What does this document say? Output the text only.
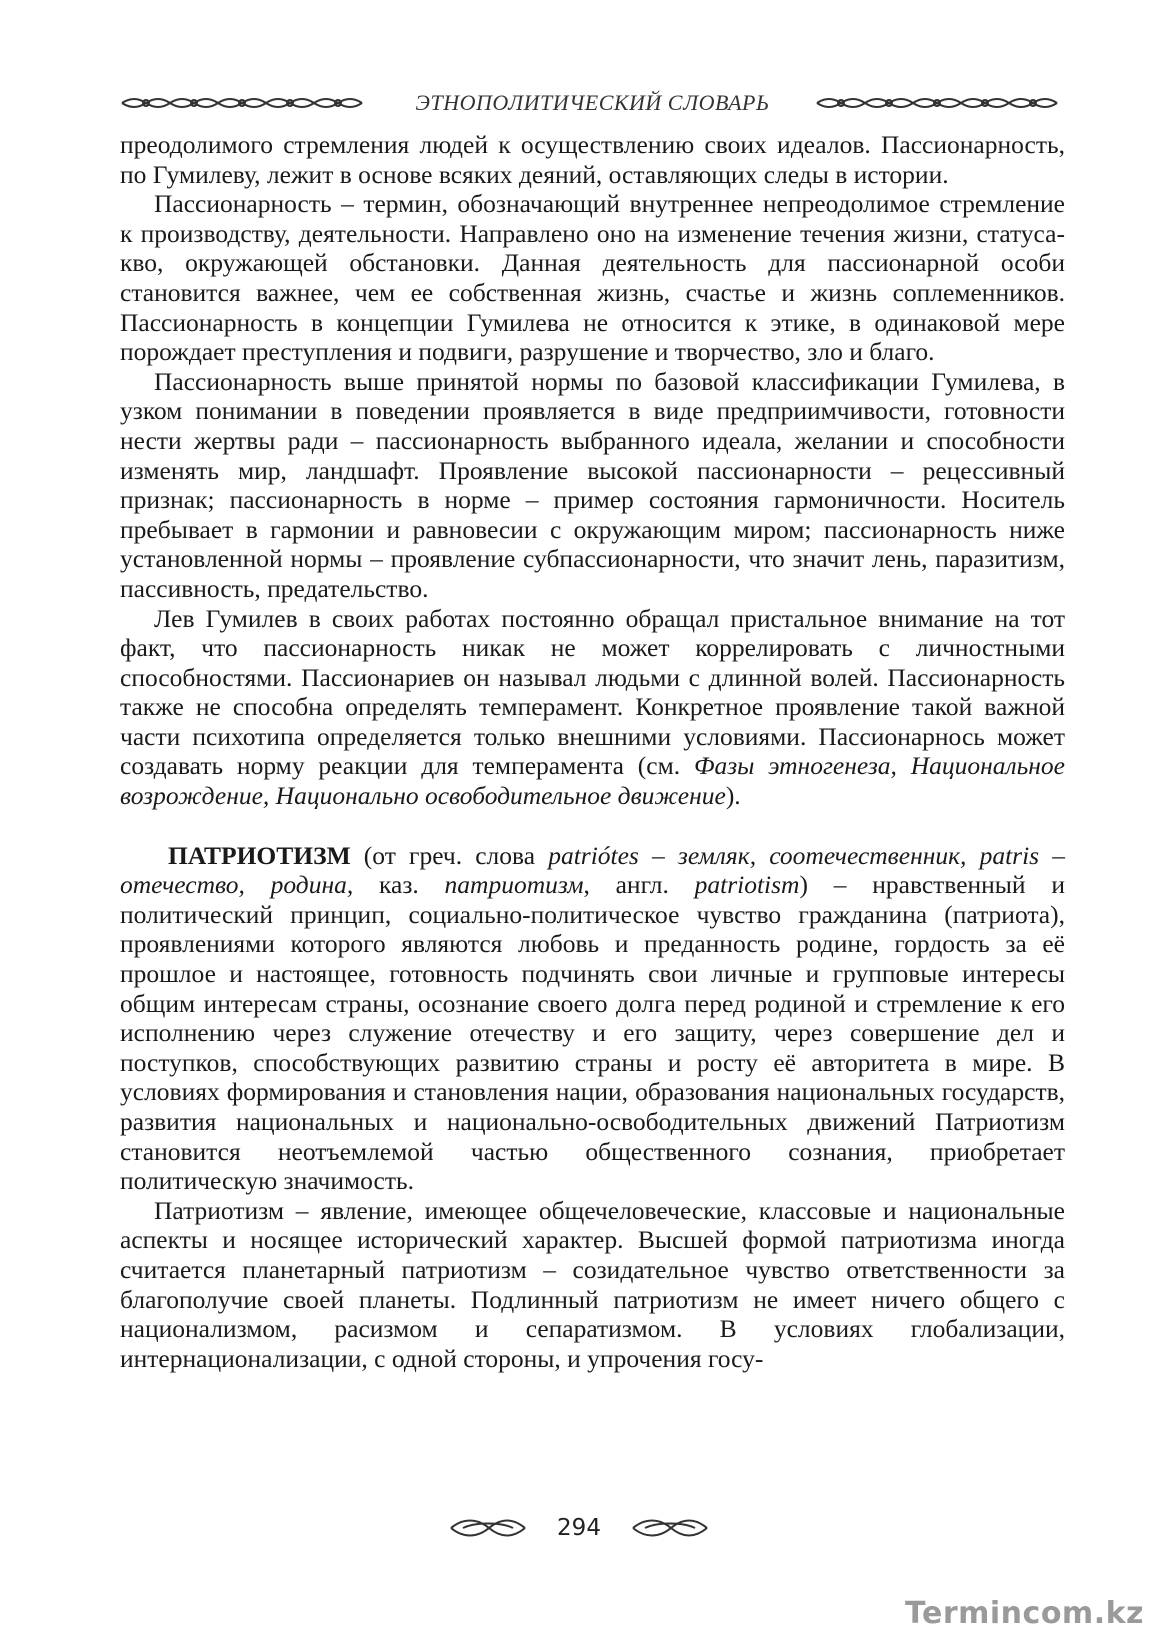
ЭТНОПОЛИТИЧЕСКИЙ СЛОВАРЬ

преодолимого стремления людей к осуществлению своих идеалов. Пассионарность, по Гумилеву, лежит в основе всяких деяний, оставляющих следы в истории.

Пассионарность – термин, обозначающий внутреннее непреодолимое стремление к производству, деятельности. Направлено оно на изменение течения жизни, статуса-кво, окружающей обстановки. Данная деятельность для пассионарной особи становится важнее, чем ее собственная жизнь, счастье и жизнь соплеменников. Пассионарность в концепции Гумилева не относится к этике, в одинаковой мере порождает преступления и подвиги, разрушение и творчество, зло и благо.

Пассионарность выше принятой нормы по базовой классификации Гумилева, в узком понимании в поведении проявляется в виде предприимчивости, готовности нести жертвы ради – пассионарность выбранного идеала, желании и способности изменять мир, ландшафт. Проявление высокой пассионарности – рецессивный признак; пассионарность в норме – пример состояния гармоничности. Носитель пребывает в гармонии и равновесии с окружающим миром; пассионарность ниже установленной нормы – проявление субпассионарности, что значит лень, паразитизм, пассивность, предательство.

Лев Гумилев в своих работах постоянно обращал пристальное внимание на тот факт, что пассионарность никак не может коррелировать с личностными способностями. Пассионариев он называл людьми с длинной волей. Пассионарность также не способна определять темперамент. Конкретное проявление такой важной части психотипа определяется только внешними условиями. Пассионарнось может создавать норму реакции для темперамента (см. Фазы этногенеза, Национальное возрождение, Национально освободительное движение).

ПАТРИОТИЗМ (от греч. слова patriótes – земляк, соотечественник, patris – отечество, родина, каз. патриотизм, англ. patriotism) – нравственный и политический принцип, социально-политическое чувство гражданина (патриота), проявлениями которого являются любовь и преданность родине, гордость за её прошлое и настоящее, готовность подчинять свои личные и групповые интересы общим интересам страны, осознание своего долга перед родиной и стремление к его исполнению через служение отечеству и его защиту, через совершение дел и поступков, способствующих развитию страны и росту её авторитета в мире. В условиях формирования и становления нации, образования национальных государств, развития национальных и национально-освободительных движений Патриотизм становится неотъемлемой частью общественного сознания, приобретает политическую значимость.

Патриотизм – явление, имеющее общечеловеческие, классовые и национальные аспекты и носящее исторический характер. Высшей формой патриотизма иногда считается планетарный патриотизм – созидательное чувство ответственности за благополучие своей планеты. Подлинный патриотизм не имеет ничего общего с национализмом, расизмом и сепаратизмом. В условиях глобализации, интернационализации, с одной стороны, и упрочения госу-

294
Termincom.kz
